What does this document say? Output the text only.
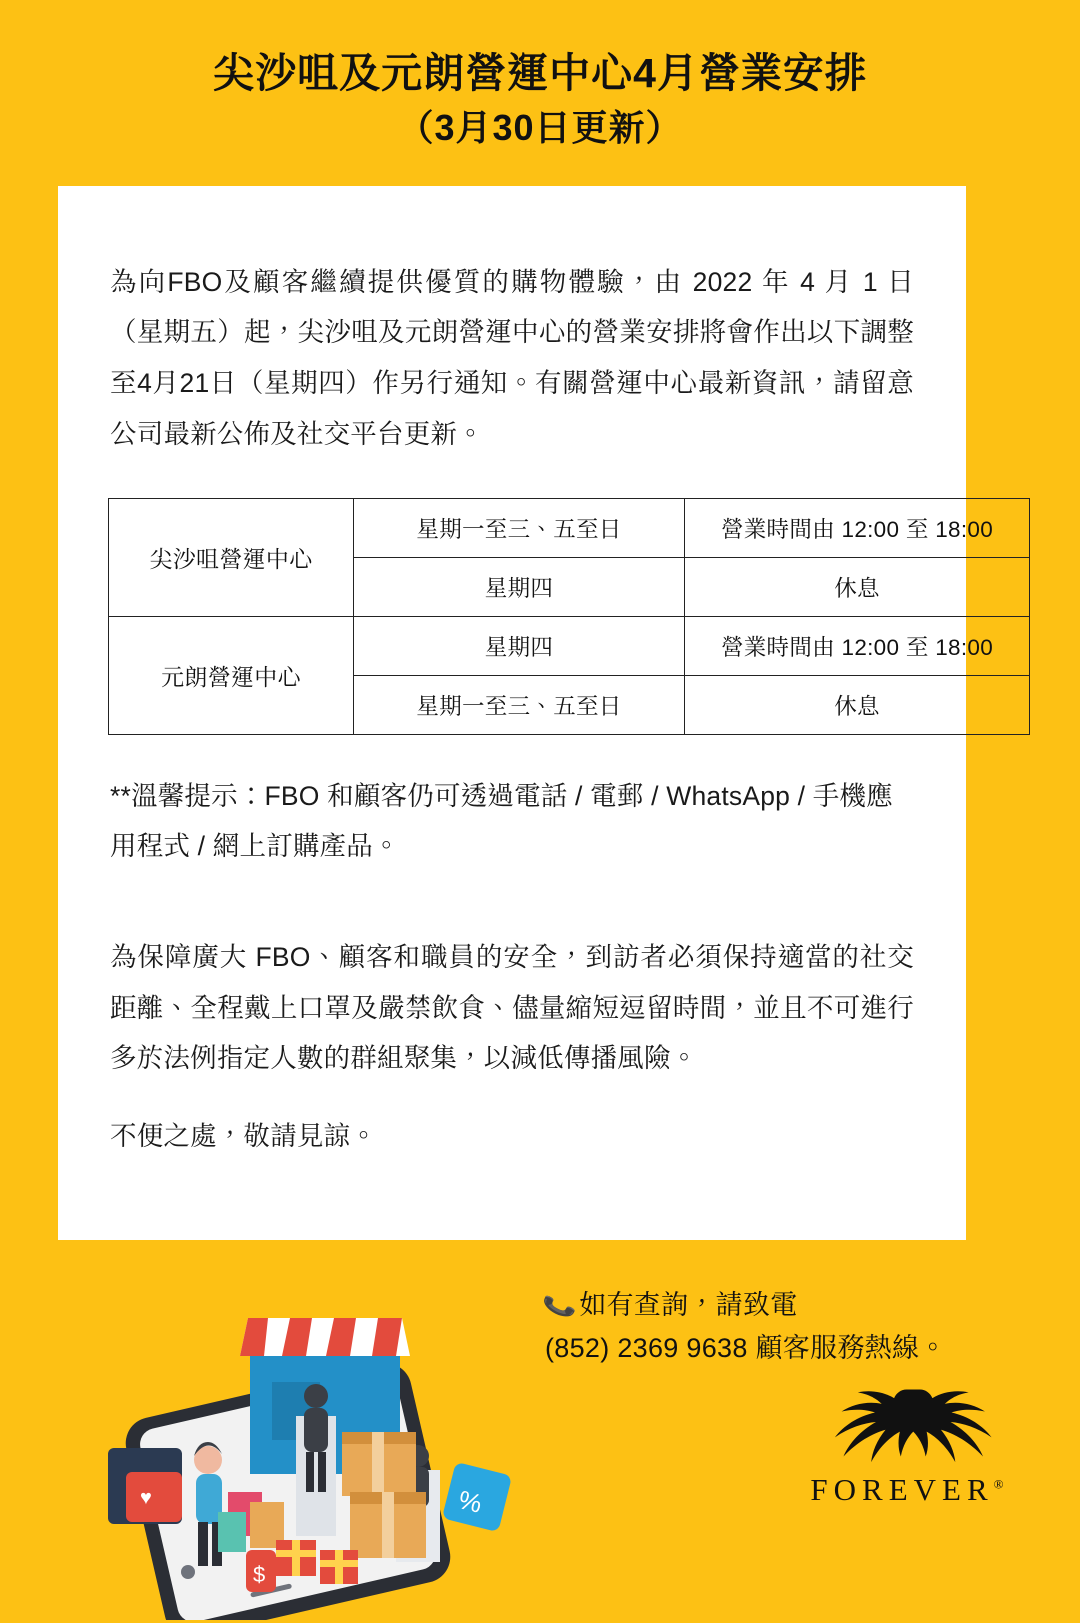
尖沙咀及元朗營運中心4月營業安排
（3月30日更新）

為向FBO及顧客繼續提供優質的購物體驗，由 2022 年 4 月 1 日（星期五）起，尖沙咀及元朗營運中心的營業安排將會作出以下調整至4月21日（星期四）作另行通知。有關營運中心最新資訊，請留意公司最新公佈及社交平台更新。

尖沙咀營運中心	星期一至三、五至日	營業時間由 12:00 至 18:00
	星期四	休息
元朗營運中心	星期四	營業時間由 12:00 至 18:00
	星期一至三、五至日	休息

**溫馨提示：FBO 和顧客仍可透過電話 / 電郵 / WhatsApp / 手機應用程式 / 網上訂購產品。

為保障廣大 FBO、顧客和職員的安全，到訪者必須保持適當的社交距離、全程戴上口罩及嚴禁飲食、儘量縮短逗留時間，並且不可進行多於法例指定人數的群組聚集，以減低傳播風險。

不便之處，敬請見諒。

♥	%
$
📞如有查詢，請致電
(852) 2369 9638 顧客服務熱線。
FOREVER®
